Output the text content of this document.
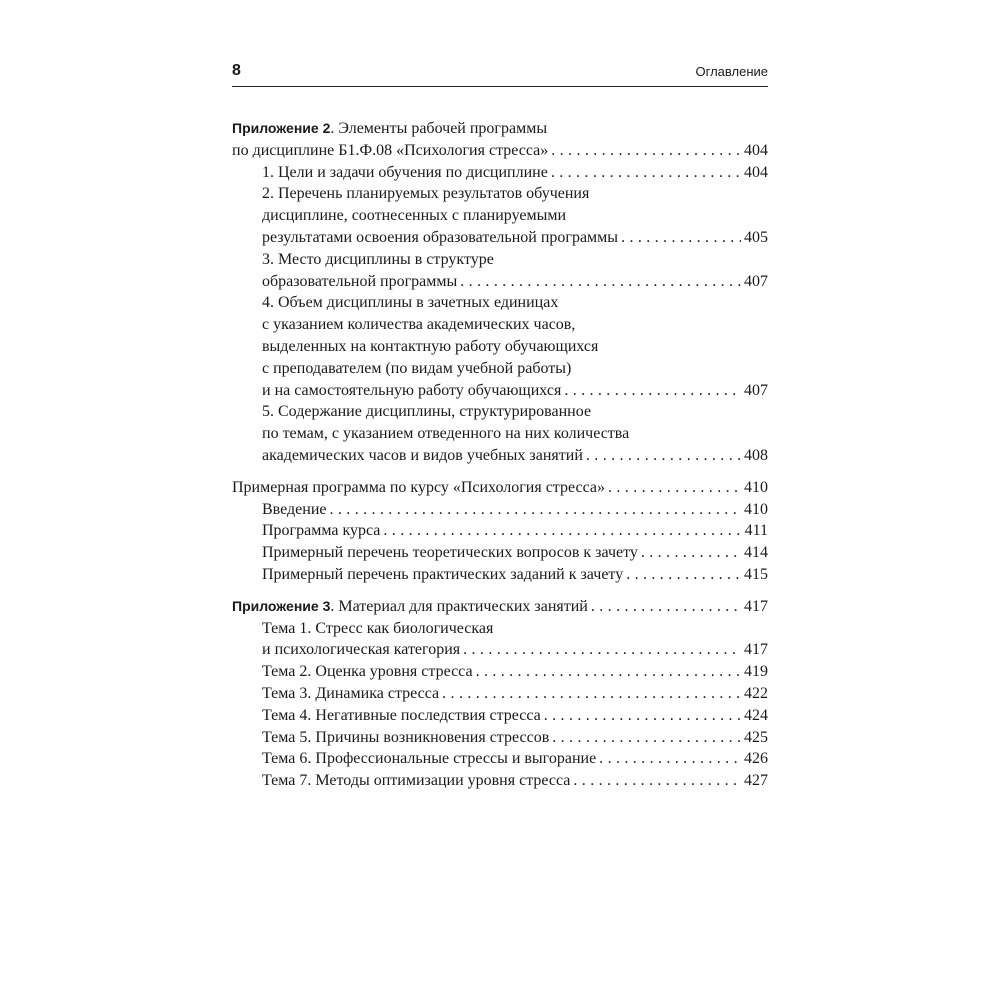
8	Оглавление
Приложение 2. Элементы рабочей программы
по дисциплине Б1.Ф.08 «Психология стресса» . . .	404
1. Цели и задачи обучения по дисциплине . . .	404
2. Перечень планируемых результатов обучения
дисциплине, соотнесенных с планируемыми
результатами освоения образовательной программы . . .	405
3. Место дисциплины в структуре
образовательной программы . . .	407
4. Объем дисциплины в зачетных единицах
с указанием количества академических часов,
выделенных на контактную работу обучающихся
с преподавателем (по видам учебной работы)
и на самостоятельную работу обучающихся . . .	407
5. Содержание дисциплины, структурированное
по темам, с указанием отведенного на них количества
академических часов и видов учебных занятий . . .	408
Примерная программа по курсу «Психология стресса» . . .	410
Введение . . .	410
Программа курса . . .	411
Примерный перечень теоретических вопросов к зачету . . .	414
Примерный перечень практических заданий к зачету . . .	415
Приложение 3. Материал для практических занятий . . .	417
Тема 1. Стресс как биологическая
и психологическая категория . . .	417
Тема 2. Оценка уровня стресса . . .	419
Тема 3. Динамика стресса . . .	422
Тема 4. Негативные последствия стресса . . .	424
Тема 5. Причины возникновения стрессов . . .	425
Тема 6. Профессиональные стрессы и выгорание . . .	426
Тема 7. Методы оптимизации уровня стресса . . .	427
